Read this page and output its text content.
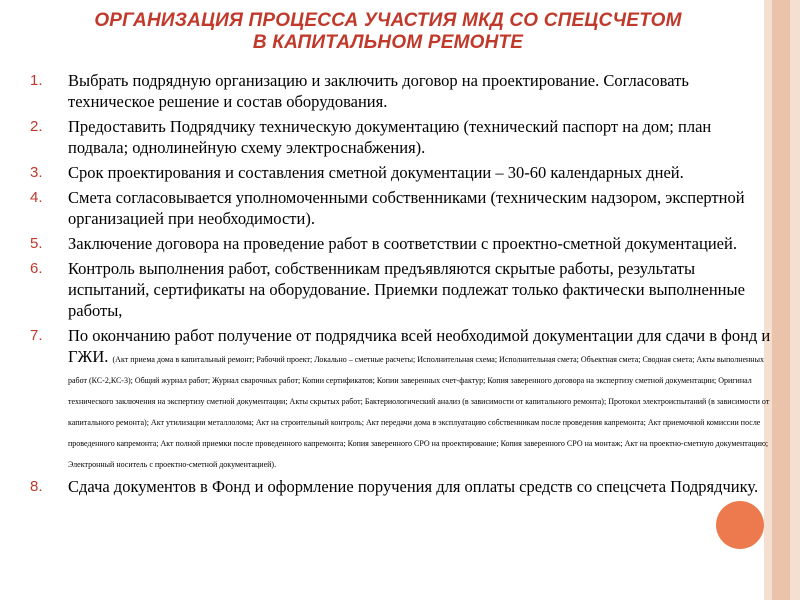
ОРГАНИЗАЦИЯ ПРОЦЕССА УЧАСТИЯ МКД СО СПЕЦСЧЕТОМ
В КАПИТАЛЬНОМ РЕМОНТЕ
1. Выбрать подрядную организацию и заключить договор на проектирование. Согласовать техническое решение и состав оборудования.
2. Предоставить Подрядчику техническую документацию (технический паспорт на дом; план подвала; однолинейную схему электроснабжения).
3. Срок проектирования и составления сметной документации – 30-60 календарных дней.
4. Смета согласовывается уполномоченными собственниками (техническим надзором, экспертной организацией при необходимости).
5. Заключение договора на проведение работ в соответствии с проектно-сметной документацией.
6. Контроль выполнения работ, собственникам предъявляются скрытые работы, результаты испытаний, сертификаты на оборудование. Приемки подлежат только фактически выполненные работы,
7. По окончанию работ получение от подрядчика всей необходимой документации для сдачи в фонд и ГЖИ. (Акт приема дома в капитальный ремонт; Рабочий проект; Локально – сметные расчеты; Исполнительная схема; Исполнительная смета; Объектная смета; Сводная смета; Акты выполненных работ (КС-2,КС-3); Общий журнал работ; Журнал сварочных работ; Копии сертификатов; Копии заверенных счет-фактур; Копия заверенного договора на экспертизу сметной документации; Оригинал технического заключения на экспертизу сметной документации; Акты скрытых работ; Бактериологический анализ (в зависимости от капитального ремонта); Протокол электроиспытаний (в зависимости от капитального ремонта); Акт утилизации металлолома; Акт на строительный контроль; Акт передачи дома в эксплуатацию собственникам после проведения капремонта; Акт приемочной комиссии после проведенного капремонта; Акт полной приемки после проведенного капремонта; Копия заверенного СРО на проектирование; Копия заверенного СРО на монтаж; Акт на проектно-сметную документацию; Электронный носитель с проектно-сметной документацией).
8. Сдача документов в Фонд и оформление поручения для оплаты средств со спецсчета Подрядчику.
